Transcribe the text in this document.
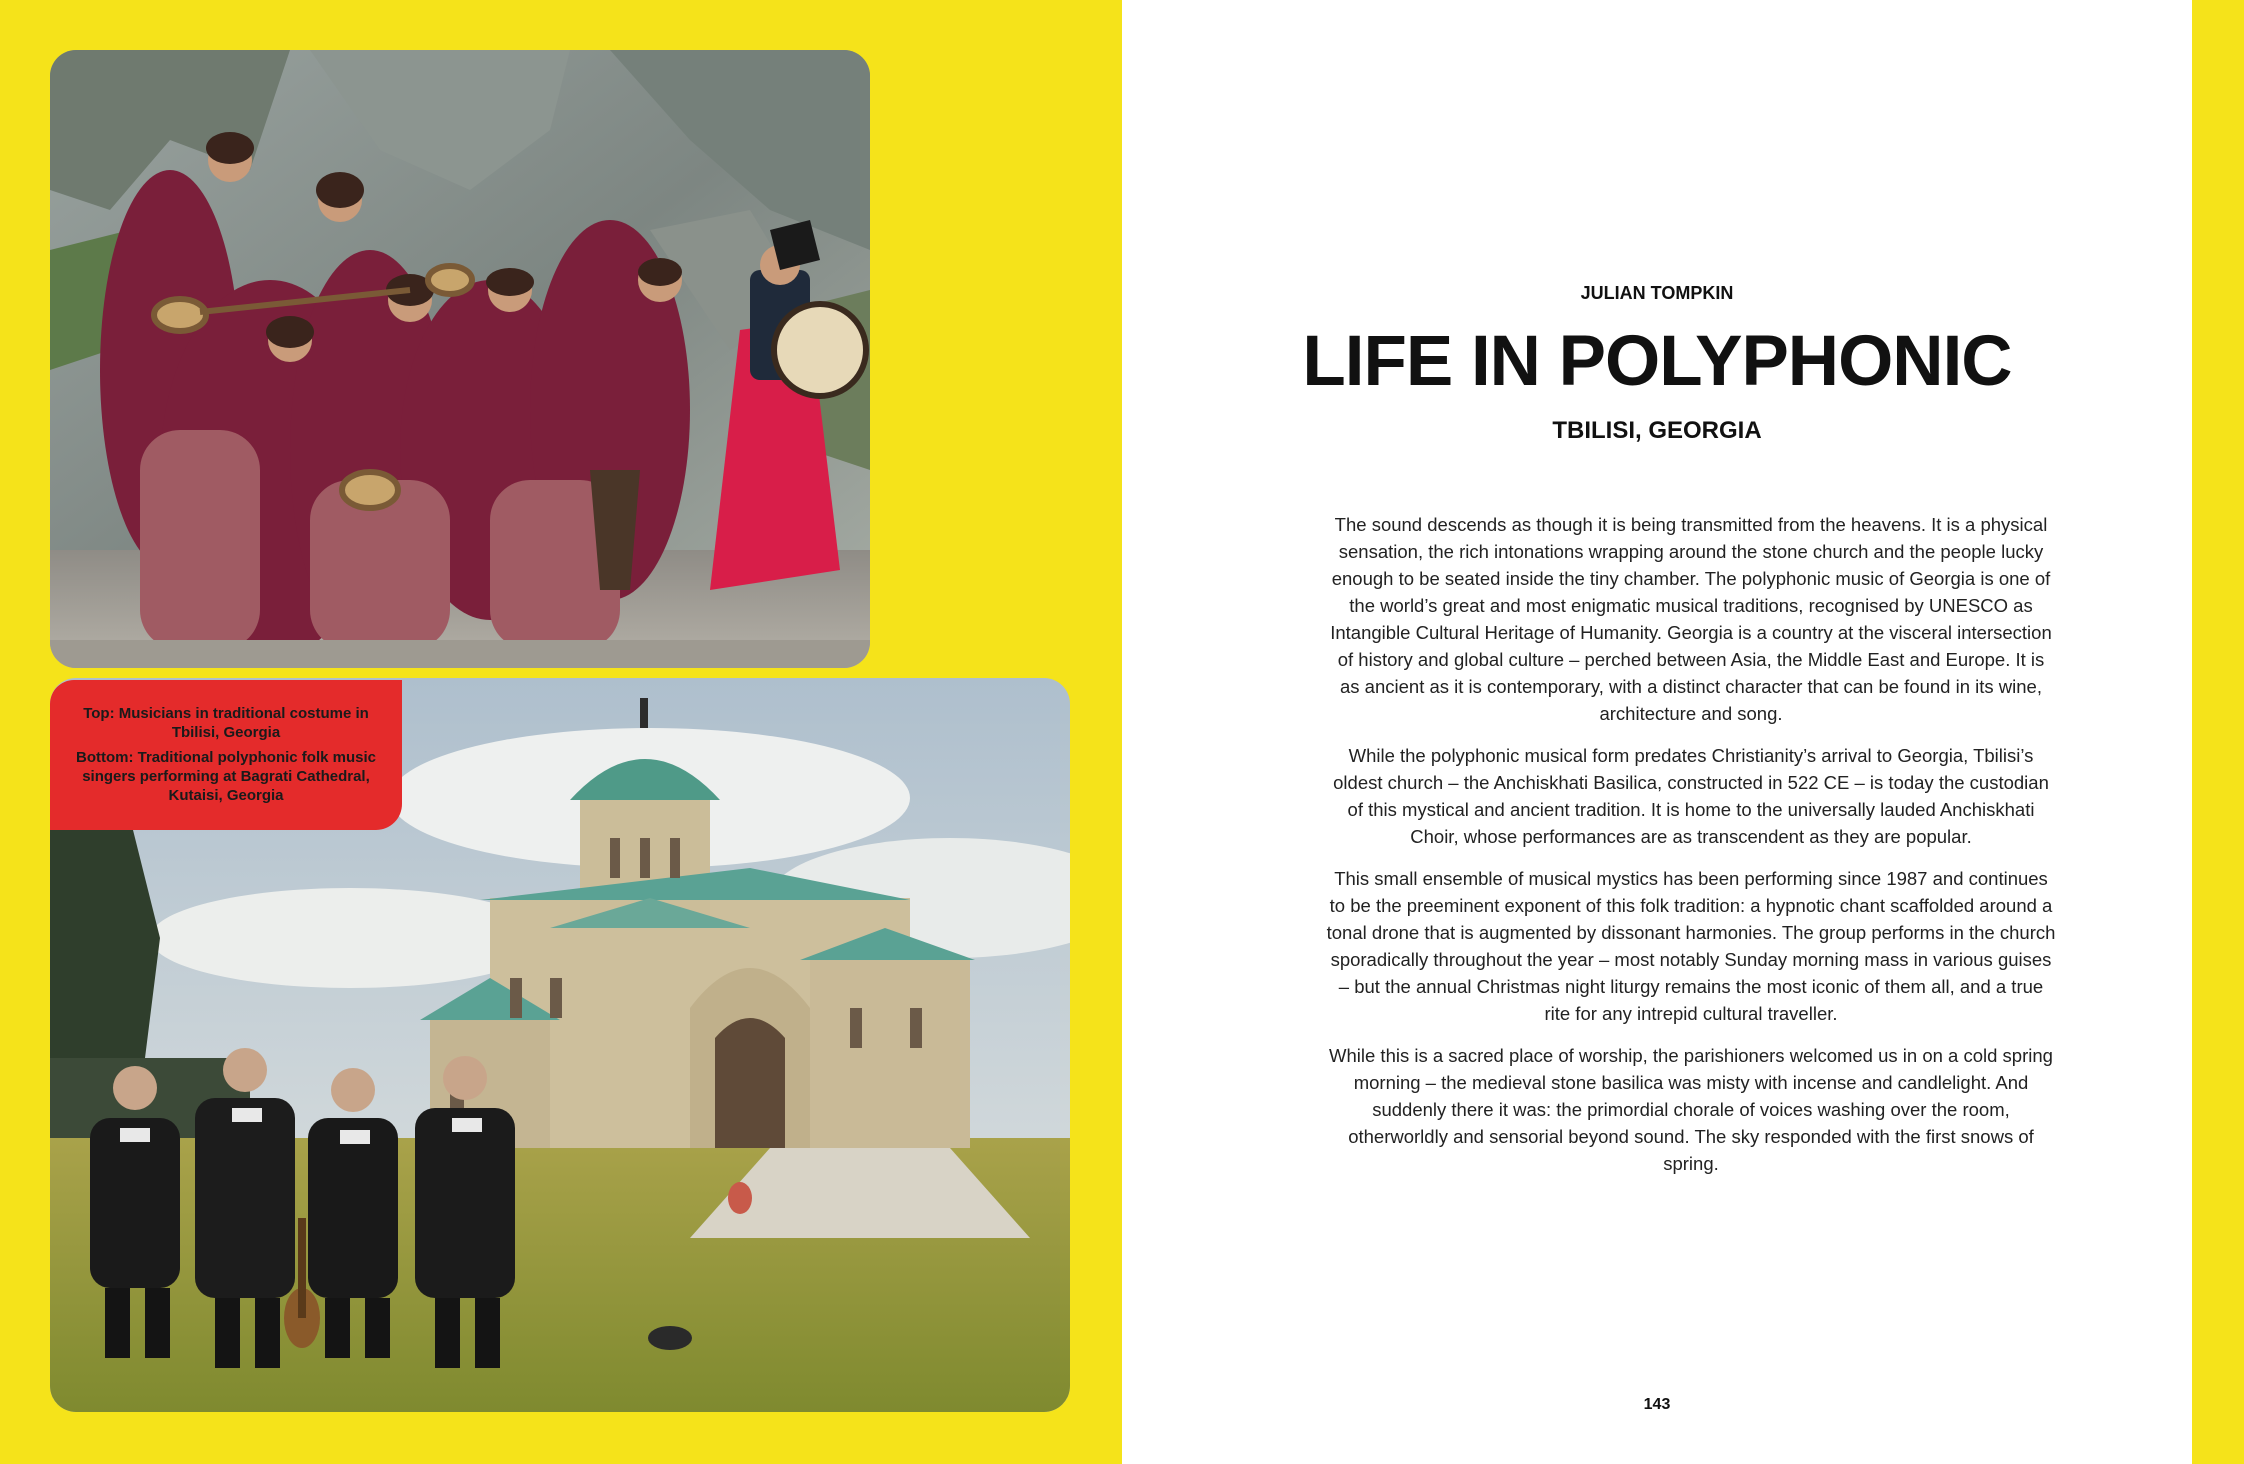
Top: Musicians in traditional costume in Tbilisi, Georgia

Bottom: Traditional polyphonic folk music singers performing at Bagrati Cathedral, Kutaisi, Georgia

JULIAN TOMPKIN
LIFE IN POLYPHONIC
TBILISI, GEORGIA

The sound descends as though it is being transmitted from the heavens. It is a physical sensation, the rich intonations wrapping around the stone church and the people lucky enough to be seated inside the tiny chamber. The polyphonic music of Georgia is one of the world’s great and most enigmatic musical traditions, recognised by UNESCO as Intangible Cultural Heritage of Humanity. Georgia is a country at the visceral intersection of history and global culture – perched between Asia, the Middle East and Europe. It is as ancient as it is contemporary, with a distinct character that can be found in its wine, architecture and song.

While the polyphonic musical form predates Christianity’s arrival to Georgia, Tbilisi’s oldest church – the Anchiskhati Basilica, constructed in 522 CE – is today the custodian of this mystical and ancient tradition. It is home to the universally lauded Anchiskhati Choir, whose performances are as transcendent as they are popular.

This small ensemble of musical mystics has been performing since 1987 and continues to be the preeminent exponent of this folk tradition: a hypnotic chant scaffolded around a tonal drone that is augmented by dissonant harmonies. The group performs in the church sporadically throughout the year – most notably Sunday morning mass in various guises – but the annual Christmas night liturgy remains the most iconic of them all, and a true rite for any intrepid cultural traveller.

While this is a sacred place of worship, the parishioners welcomed us in on a cold spring morning – the medieval stone basilica was misty with incense and candlelight. And suddenly there it was: the primordial chorale of voices washing over the room, otherworldly and sensorial beyond sound. The sky responded with the first snows of spring.

143
